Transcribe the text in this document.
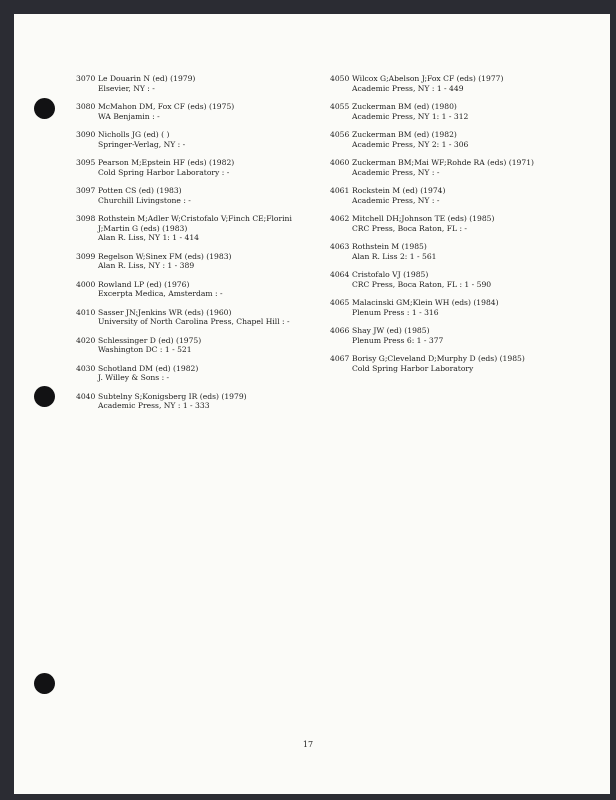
3070 Le Douarin N (ed) (1979)
Elsevier, NY : -
3080 McMahon DM, Fox CF (eds) (1975)
WA Benjamin : -
3090 Nicholls JG (ed) ( )
Springer-Verlag, NY : -
3095 Pearson M;Epstein HF (eds) (1982)
Cold Spring Harbor Laboratory : -
3097 Potten CS (ed) (1983)
Churchill Livingstone : -
3098 Rothstein M;Adler W;Cristofalo V;Finch CE;Florini J;Martin G (eds) (1983)
Alan R. Liss, NY 1: 1 - 414
3099 Regelson W;Sinex FM (eds) (1983)
Alan R. Liss, NY : 1 - 389
4000 Rowland LP (ed) (1976)
Excerpta Medica, Amsterdam : -
4010 Sasser JN;Jenkins WR (eds) (1960)
University of North Carolina Press, Chapel Hill : -
4020 Schlessinger D (ed) (1975)
Washington DC : 1 - 521
4030 Schotland DM (ed) (1982)
J. Willey & Sons : -
4040 Subtelny S;Konigsberg IR (eds) (1979)
Academic Press, NY : 1 - 333
4050 Wilcox G;Abelson J;Fox CF (eds) (1977)
Academic Press, NY : 1 - 449
4055 Zuckerman BM (ed) (1980)
Academic Press, NY 1: 1 - 312
4056 Zuckerman BM (ed) (1982)
Academic Press, NY 2: 1 - 306
4060 Zuckerman BM;Mai WF;Rohde RA (eds) (1971)
Academic Press, NY : -
4061 Rockstein M (ed) (1974)
Academic Press, NY : -
4062 Mitchell DH;Johnson TE (eds) (1985)
CRC Press, Boca Raton, FL : -
4063 Rothstein M (1985)
Alan R. Liss 2: 1 - 561
4064 Cristofalo VJ (1985)
CRC Press, Boca Raton, FL : 1 - 590
4065 Malacinski GM;Klein WH (eds) (1984)
Plenum Press : 1 - 316
4066 Shay JW (ed) (1985)
Plenum Press 6: 1 - 377
4067 Borisy G;Cleveland D;Murphy D (eds) (1985)
Cold Spring Harbor Laboratory
17
